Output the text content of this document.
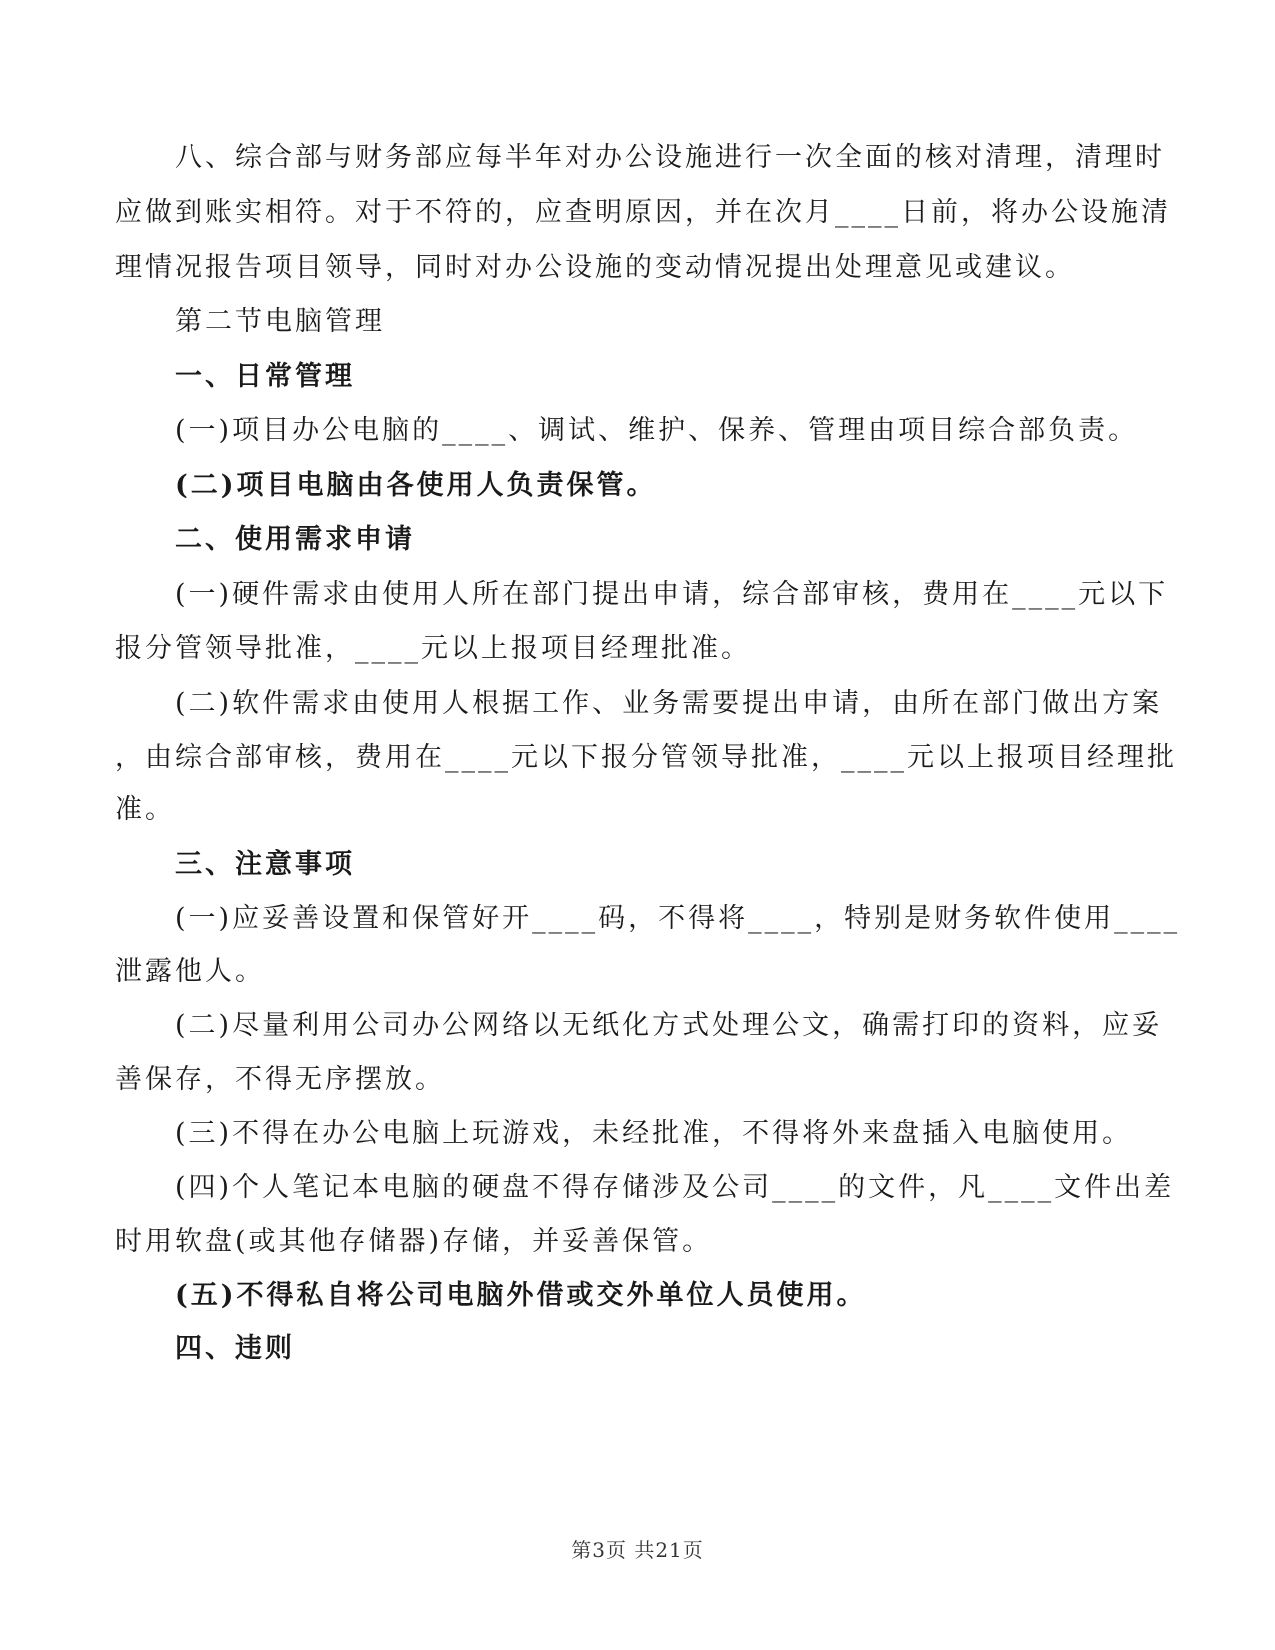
　　八、综合部与财务部应每半年对办公设施进行一次全面的核对清理，清理时
应做到账实相符。对于不符的，应查明原因，并在次月____日前，将办公设施清
理情况报告项目领导，同时对办公设施的变动情况提出处理意见或建议。
　　第二节电脑管理
　　一、日常管理
　　(一)项目办公电脑的____、调试、维护、保养、管理由项目综合部负责。
　　(二)项目电脑由各使用人负责保管。
　　二、使用需求申请
　　(一)硬件需求由使用人所在部门提出申请，综合部审核，费用在____元以下
报分管领导批准，____元以上报项目经理批准。
　　(二)软件需求由使用人根据工作、业务需要提出申请，由所在部门做出方案
，由综合部审核，费用在____元以下报分管领导批准，____元以上报项目经理批
准。
　　三、注意事项
　　(一)应妥善设置和保管好开____码，不得将____，特别是财务软件使用____
泄露他人。
　　(二)尽量利用公司办公网络以无纸化方式处理公文，确需打印的资料，应妥
善保存，不得无序摆放。
　　(三)不得在办公电脑上玩游戏，未经批准，不得将外来盘插入电脑使用。
　　(四)个人笔记本电脑的硬盘不得存储涉及公司____的文件，凡____文件出差
时用软盘(或其他存储器)存储，并妥善保管。
　　(五)不得私自将公司电脑外借或交外单位人员使用。
　　四、违则
第3页 共21页
